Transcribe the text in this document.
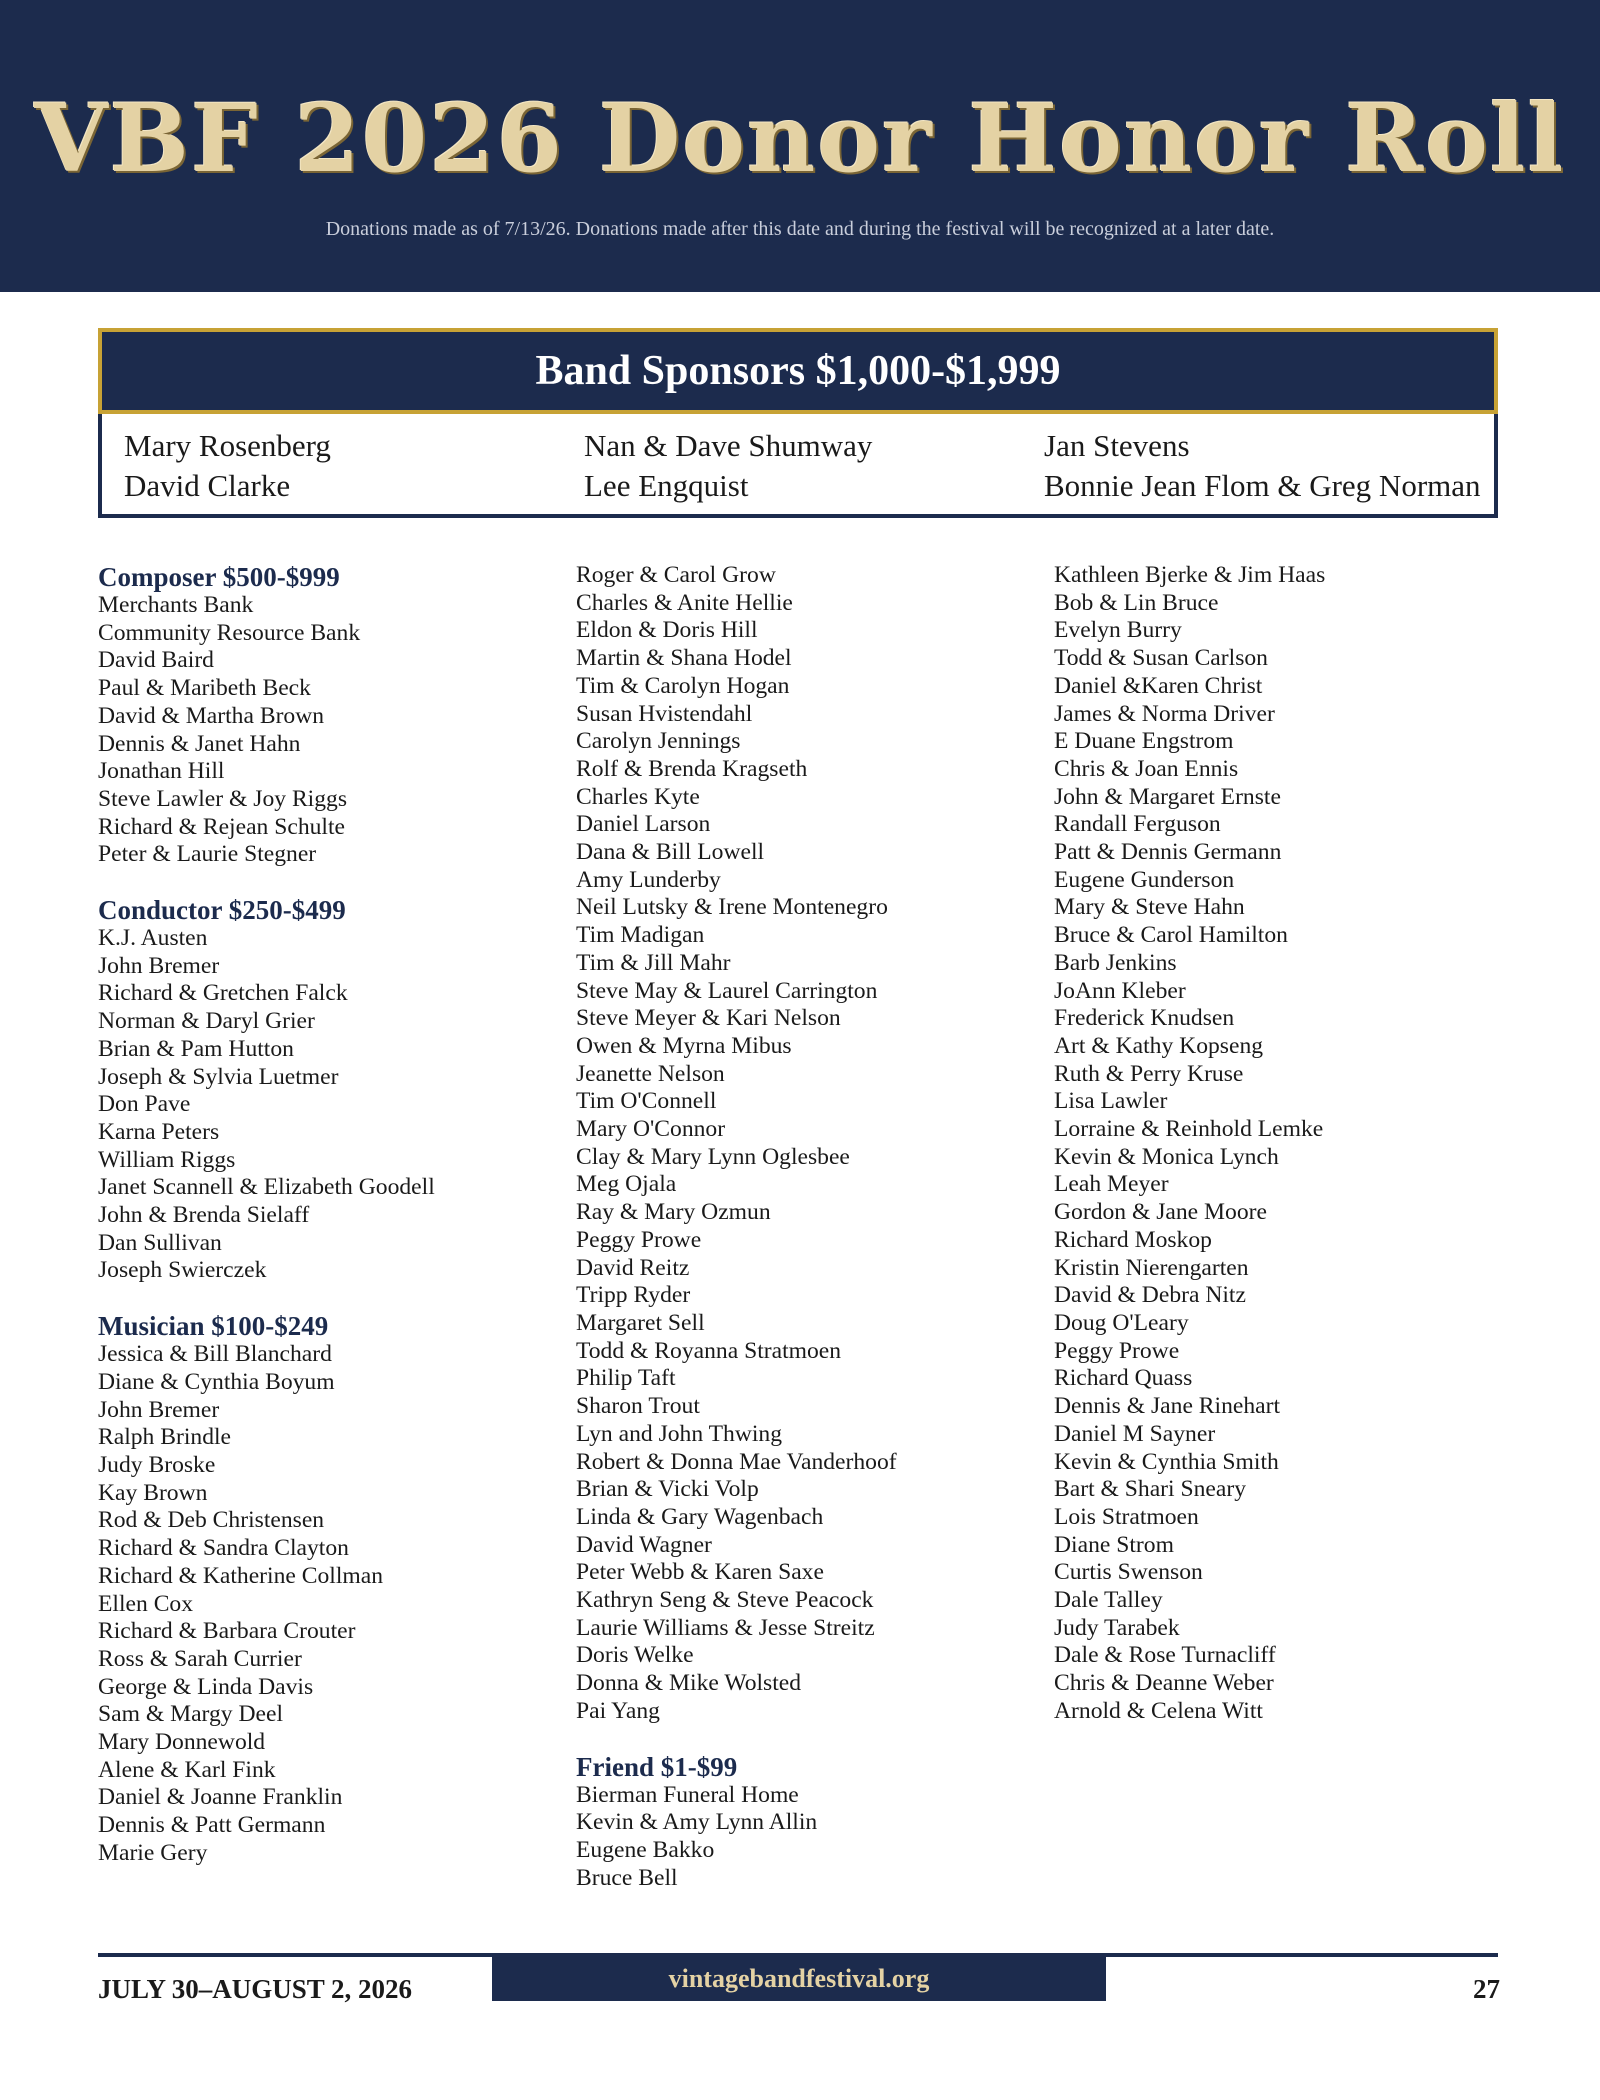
VBF 2026 Donor Honor Roll
Donations made as of 7/13/26. Donations made after this date and during the festival will be recognized at a later date.
Band Sponsors $1,000-$1,999
Mary Rosenberg	Nan & Dave Shumway	Jan Stevens
David Clarke	Lee Engquist	Bonnie Jean Flom & Greg Norman
Composer $500-$999
Merchants Bank
Community Resource Bank
David Baird
Paul & Maribeth Beck
David & Martha Brown
Dennis & Janet Hahn
Jonathan Hill
Steve Lawler & Joy Riggs
Richard & Rejean Schulte
Peter & Laurie Stegner
Conductor $250-$499
K.J. Austen
John Bremer
Richard & Gretchen Falck
Norman & Daryl Grier
Brian & Pam Hutton
Joseph & Sylvia Luetmer
Don Pave
Karna Peters
William Riggs
Janet Scannell & Elizabeth Goodell
John & Brenda Sielaff
Dan Sullivan
Joseph Swierczek
Musician $100-$249
Jessica & Bill Blanchard
Diane & Cynthia Boyum
John Bremer
Ralph Brindle
Judy Broske
Kay Brown
Rod & Deb Christensen
Richard & Sandra Clayton
Richard & Katherine Collman
Ellen Cox
Richard & Barbara Crouter
Ross & Sarah Currier
George & Linda Davis
Sam & Margy Deel
Mary Donnewold
Alene & Karl Fink
Daniel & Joanne Franklin
Dennis & Patt Germann
Marie Gery
Roger & Carol Grow
Charles & Anite Hellie
Eldon & Doris Hill
Martin & Shana Hodel
Tim & Carolyn Hogan
Susan Hvistendahl
Carolyn Jennings
Rolf & Brenda Kragseth
Charles Kyte
Daniel Larson
Dana & Bill Lowell
Amy Lunderby
Neil Lutsky & Irene Montenegro
Tim Madigan
Tim & Jill Mahr
Steve May & Laurel Carrington
Steve Meyer & Kari Nelson
Owen & Myrna Mibus
Jeanette Nelson
Tim O'Connell
Mary O'Connor
Clay & Mary Lynn Oglesbee
Meg Ojala
Ray & Mary Ozmun
Peggy Prowe
David Reitz
Tripp Ryder
Margaret Sell
Todd & Royanna Stratmoen
Philip Taft
Sharon Trout
Lyn and John Thwing
Robert & Donna Mae Vanderhoof
Brian & Vicki Volp
Linda & Gary Wagenbach
David Wagner
Peter Webb & Karen Saxe
Kathryn Seng & Steve Peacock
Laurie Williams & Jesse Streitz
Doris Welke
Donna & Mike Wolsted
Pai Yang
Friend $1-$99
Bierman Funeral Home
Kevin & Amy Lynn Allin
Eugene Bakko
Bruce Bell
Kathleen Bjerke & Jim Haas
Bob & Lin Bruce
Evelyn Burry
Todd & Susan Carlson
Daniel &Karen Christ
James & Norma Driver
E Duane Engstrom
Chris & Joan Ennis
John & Margaret Ernste
Randall Ferguson
Patt & Dennis Germann
Eugene Gunderson
Mary & Steve Hahn
Bruce & Carol Hamilton
Barb Jenkins
JoAnn Kleber
Frederick Knudsen
Art & Kathy Kopseng
Ruth & Perry Kruse
Lisa Lawler
Lorraine & Reinhold Lemke
Kevin & Monica Lynch
Leah Meyer
Gordon & Jane Moore
Richard Moskop
Kristin Nierengarten
David & Debra Nitz
Doug O'Leary
Peggy Prowe
Richard Quass
Dennis & Jane Rinehart
Daniel M Sayner
Kevin & Cynthia Smith
Bart & Shari Sneary
Lois Stratmoen
Diane Strom
Curtis Swenson
Dale Talley
Judy Tarabek
Dale & Rose Turnacliff
Chris & Deanne Weber
Arnold & Celena Witt
JULY 30–AUGUST 2, 2026	vintagebandfestival.org	27
